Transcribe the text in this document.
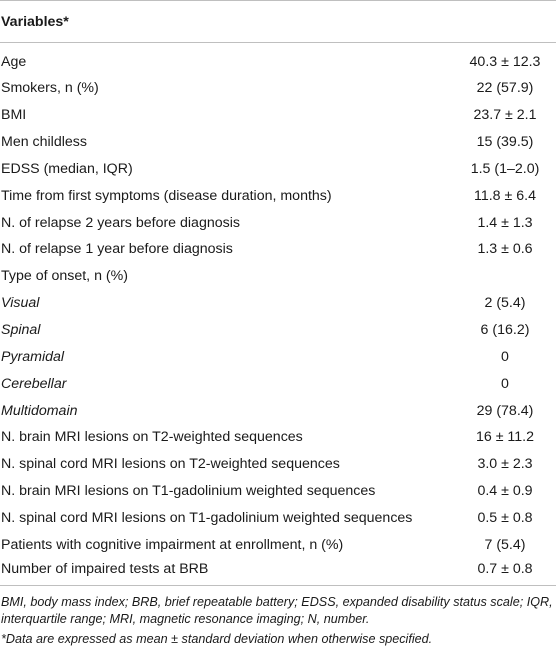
Variables*	
Age	40.3 ± 12.3
Smokers, n (%)	22 (57.9)
BMI	23.7 ± 2.1
Men childless	15 (39.5)
EDSS (median, IQR)	1.5 (1–2.0)
Time from first symptoms (disease duration, months)	11.8 ± 6.4
N. of relapse 2 years before diagnosis	1.4 ± 1.3
N. of relapse 1 year before diagnosis	1.3 ± 0.6
Type of onset, n (%)	
Visual	2 (5.4)
Spinal	6 (16.2)
Pyramidal	0
Cerebellar	0
Multidomain	29 (78.4)
N. brain MRI lesions on T2-weighted sequences	16 ± 11.2
N. spinal cord MRI lesions on T2-weighted sequences	3.0 ± 2.3
N. brain MRI lesions on T1-gadolinium weighted sequences	0.4 ± 0.9
N. spinal cord MRI lesions on T1-gadolinium weighted sequences	0.5 ± 0.8
Patients with cognitive impairment at enrollment, n (%)	7 (5.4)
Number of impaired tests at BRB	0.7 ± 0.8

BMI, body mass index; BRB, brief repeatable battery; EDSS, expanded disability status scale; IQR, interquartile range; MRI, magnetic resonance imaging; N, number.

*Data are expressed as mean ± standard deviation when otherwise specified.
